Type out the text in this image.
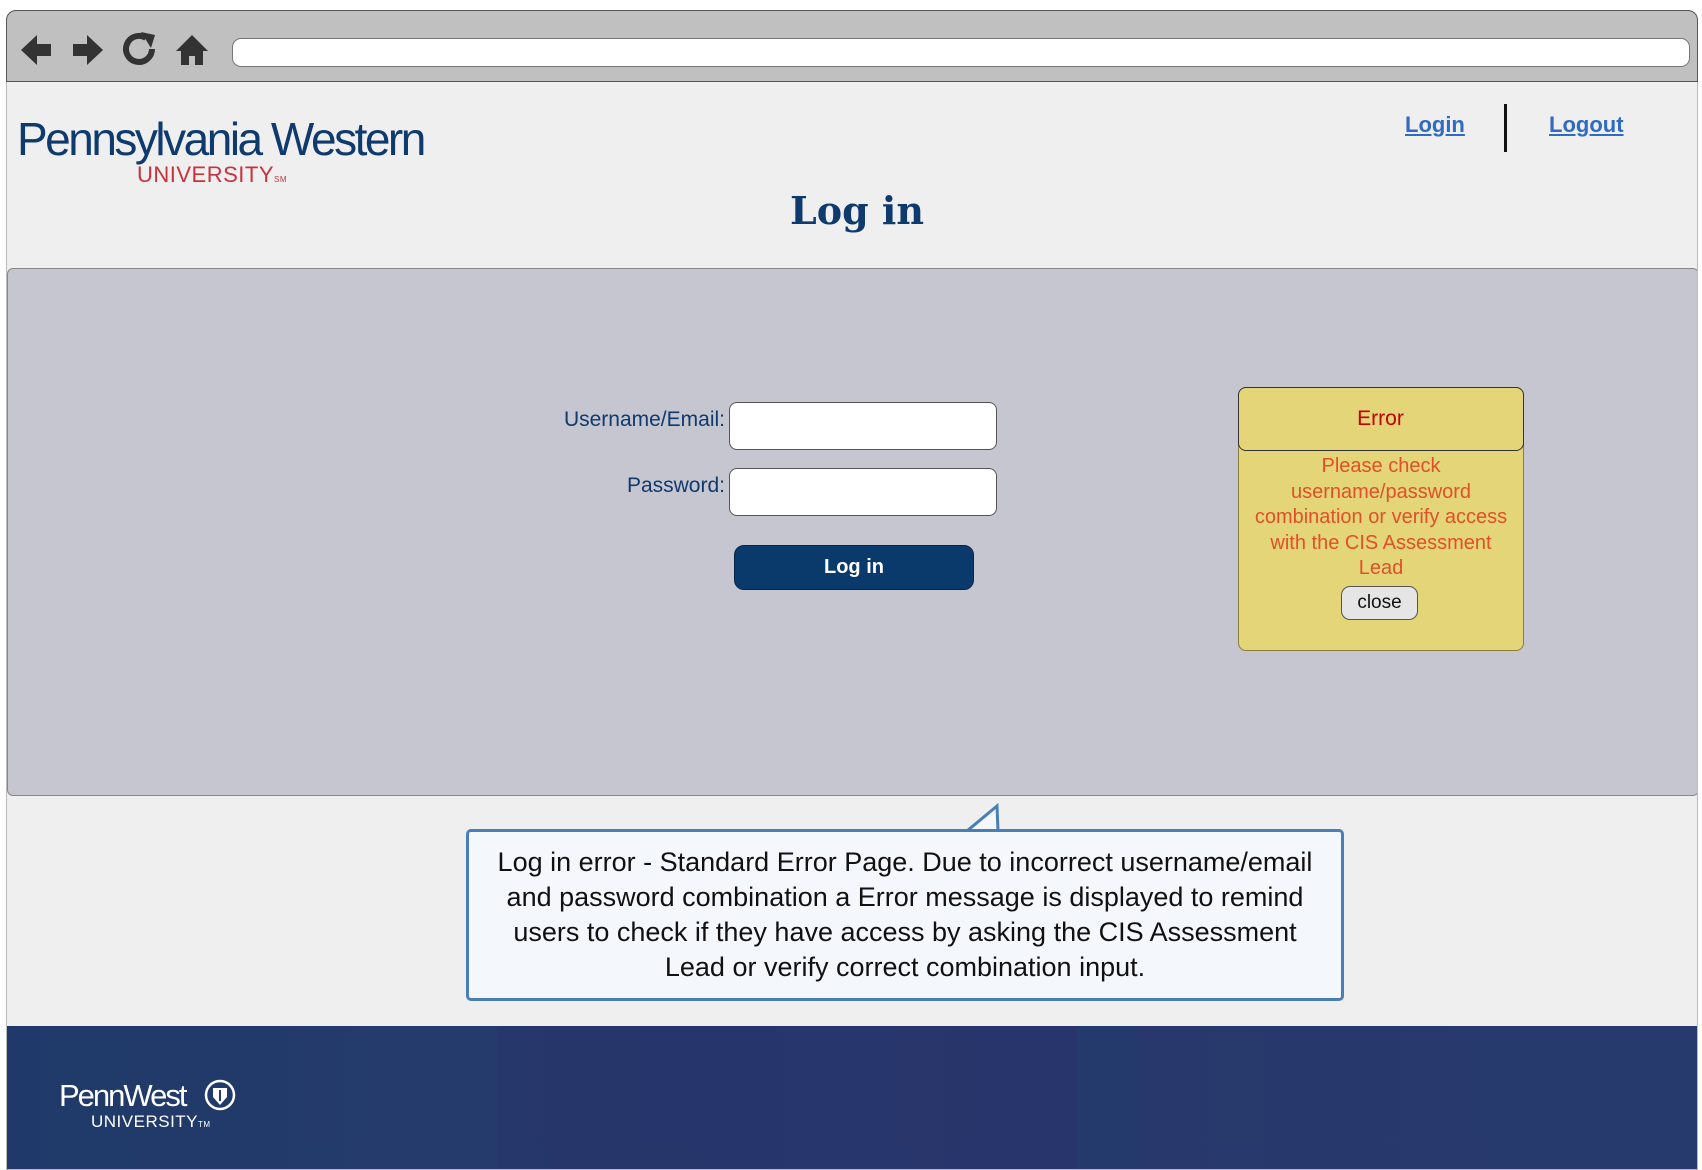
Pennsylvania Western
UNIVERSITYSM
Login	Logout
Log in
Username/Email:
Password:
Log in
Error
Please check username/password combination or verify access with the CIS Assessment Lead
close
Log in error - Standard Error Page. Due to incorrect username/email and password combination a Error message is displayed to remind users to check if they have access by asking the CIS Assessment Lead or verify correct combination input.
PennWest
UNIVERSITYTM
